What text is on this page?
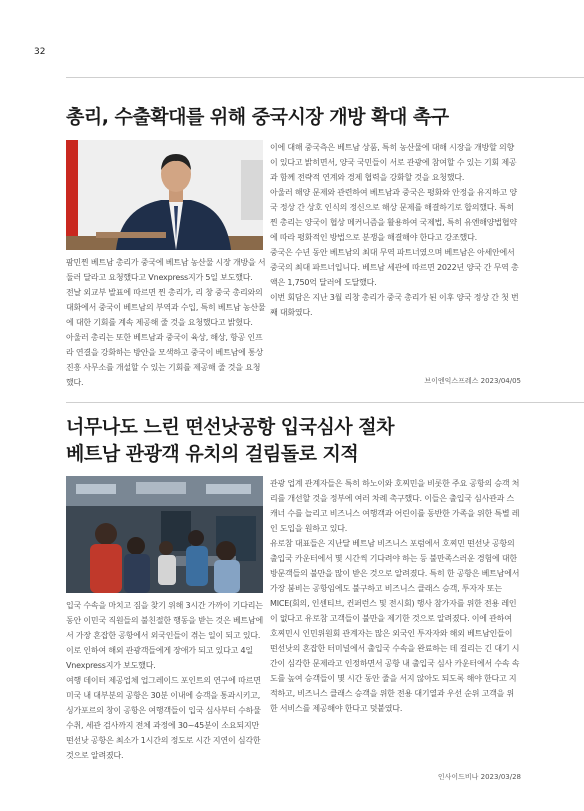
32
총리, 수출확대를 위해 중국시장 개방 확대 촉구

팜민찐 베트남 총리가 중국에 베트남 농산물 시장 개방을 서둘러 달라고 요청했다고 Vnexpress지가 5일 보도했다.

전날 외교부 발표에 따르면 찐 총리가, 리 창 중국 총리와의 대화에서 중국이 베트남의 부역과 수입, 특히 베트남 농산물에 대한 기회를 계속 제공해 줄 것을 요청했다고 밝혔다.

아울러 총리는 또한 베트남과 중국이 육상, 해상, 항공 인프라 연결을 강화하는 방안을 모색하고 중국이 베트남에 통상 진흥 사무소를 개설할 수 있는 기회를 제공해 줄 것을 요청했다.

이에 대해 중국측은 베트남 상품, 특히 농산물에 대해 시장을 개방할 의향이 있다고 밝히면서, 양국 국민들이 서로 관광에 참여할 수 있는 기회 제공과 함께 전략적 연계와 경제 협력을 강화할 것을 요청했다.

아울러 해양 문제와 관련하여 베트남과 중국은 평화와 안정을 유지하고 양국 정상 간 상호 인식의 정신으로 해상 문제를 해결하기로 합의했다. 특히 찐 총리는 양국이 협상 메커니즘을 활용하여 국제법, 특히 유엔해양법협약에 따라 평화적인 방법으로 분쟁을 해결해야 한다고 강조했다.

중국은 수년 동안 베트남의 최대 무역 파트너였으며 베트남은 아세안에서 중국의 최대 파트너입니다. 베트남 세관에 따르면 2022년 양국 간 무역 총액은 1,750억 달러에 도달했다.

이번 회담은 지난 3월 리창 총리가 중국 총리가 된 이후 양국 정상 간 첫 번째 대화였다.

브이엔익스프레스 2023/04/05
너무나도 느린 떤선낫공항 입국심사 절차
베트남 관광객 유치의 걸림돌로 지적

입국 수속을 마치고 짐을 찾기 위해 3시간 가까이 기다리는 동안 이민국 직원들의 불친절한 행동을 받는 것은 베트남에서 가장 혼잡한 공항에서 외국인들이 겪는 일이 되고 있다. 이로 인하여 해외 관광객들에게 장애가 되고 있다고 4일 Vnexpress지가 보도했다.

여행 데이터 제공업체 업그레이드 포인트의 연구에 따르면 미국 내 대부분의 공항은 30분 이내에 승객을 통과시키고, 싱가포르의 창이 공항은 여행객들이 입국 심사부터 수하물 수취, 세관 검사까지 전체 과정에 30~45분이 소요되지만 떤선낫 공항은 최소가 1시간의 정도로 시간 지연이 심각한 것으로 알려졌다.

관광 업계 관계자들은 특히 하노이와 호찌민을 비롯한 주요 공항의 승객 처리를 개선할 것을 정부에 여러 차례 촉구했다. 이들은 출입국 심사관과 스캐너 수를 늘리고 비즈니스 여행객과 어린이를 동반한 가족을 위한 특별 레인 도입을 원하고 있다.

유로참 대표들은 지난달 베트남 비즈니스 포럼에서 호찌민 떤선낫 공항의 출입국 카운터에서 몇 시간씩 기다려야 하는 등 불만족스러운 경험에 대한 방문객들의 불만을 많이 받은 것으로 알려졌다. 특히 한 공항은 베트남에서 가장 붐비는 공항임에도 불구하고 비즈니스 클래스 승객, 투자자 또는 MICE(회의, 인센티브, 컨퍼런스 및 전시회) 행사 참가자를 위한 전용 레인이 없다고 유로참 고객들이 불만을 제기한 것으로 알려졌다. 이에 관하여 호찌민시 인민위원회 관계자는 많은 외국인 투자자와 해외 베트남인들이 떤선낫의 혼잡한 터미널에서 출입국 수속을 완료하는 데 걸리는 긴 대기 시간이 심각한 문제라고 인정하면서 공항 내 출입국 심사 카운터에서 수속 속도를 높여 승객들이 몇 시간 동안 줄을 서지 않아도 되도록 해야 한다고 지적하고, 비즈니스 클래스 승객을 위한 전용 대기열과 우선 순위 고객을 위한 서비스를 제공해야 한다고 덧붙였다.

인사이드비나 2023/03/28
